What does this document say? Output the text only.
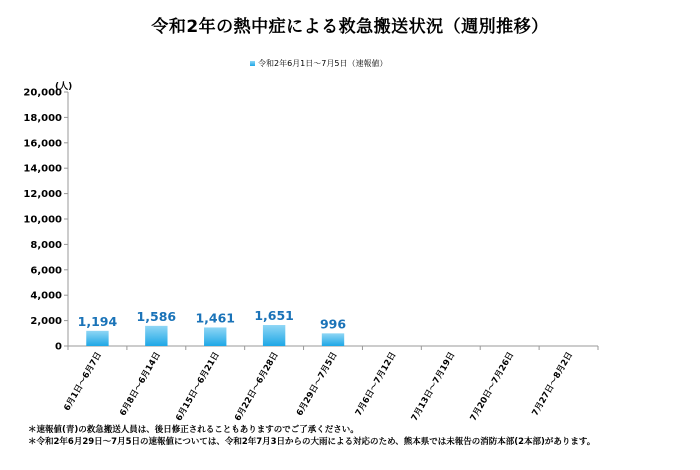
令和2年の熱中症による救急搬送状況（週別推移）
令和2年6月1日～7月5日（速報値）
(人)
0
2,000
4,000
6,000
8,000
10,000
12,000
14,000
16,000
18,000
20,000
6月1日～6月7日 6月8日～6月14日 6月15日～6月21日 6月22日～6月28日 6月29日～7月5日 7月6日～7月12日 7月13日～7月19日 7月20日～7月26日 7月27日～8月2日
1,194 1,586 1,461 1,651
996
＊速報値(青)の救急搬送人員は、後日修正されることもありますのでご了承ください。
＊令和2年6月29日～7月5日の速報値については、令和2年7月3日からの大雨による対応のため、熊本県では未報告の消防本部(2本部)があります。
